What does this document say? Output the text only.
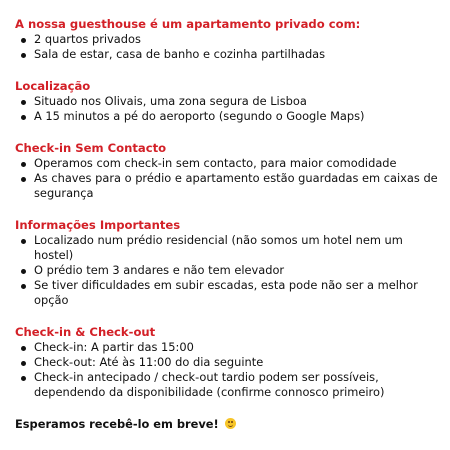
A nossa guesthouse é um apartamento privado com:

2 quartos privados
Sala de estar, casa de banho e cozinha partilhadas

Localização

Situado nos Olivais, uma zona segura de Lisboa
A 15 minutos a pé do aeroporto (segundo o Google Maps)

Check-in Sem Contacto

Operamos com check-in sem contacto, para maior comodidade
As chaves para o prédio e apartamento estão guardadas em caixas de segurança

Informações Importantes

Localizado num prédio residencial (não somos um hotel nem um hostel)
O prédio tem 3 andares e não tem elevador
Se tiver dificuldades em subir escadas, esta pode não ser a melhor opção

Check-in & Check-out

Check-in: A partir das 15:00
Check-out: Até às 11:00 do dia seguinte
Check-in antecipado / check-out tardio podem ser possíveis, dependendo da disponibilidade (confirme connosco primeiro)

Esperamos recebê-lo em breve!
